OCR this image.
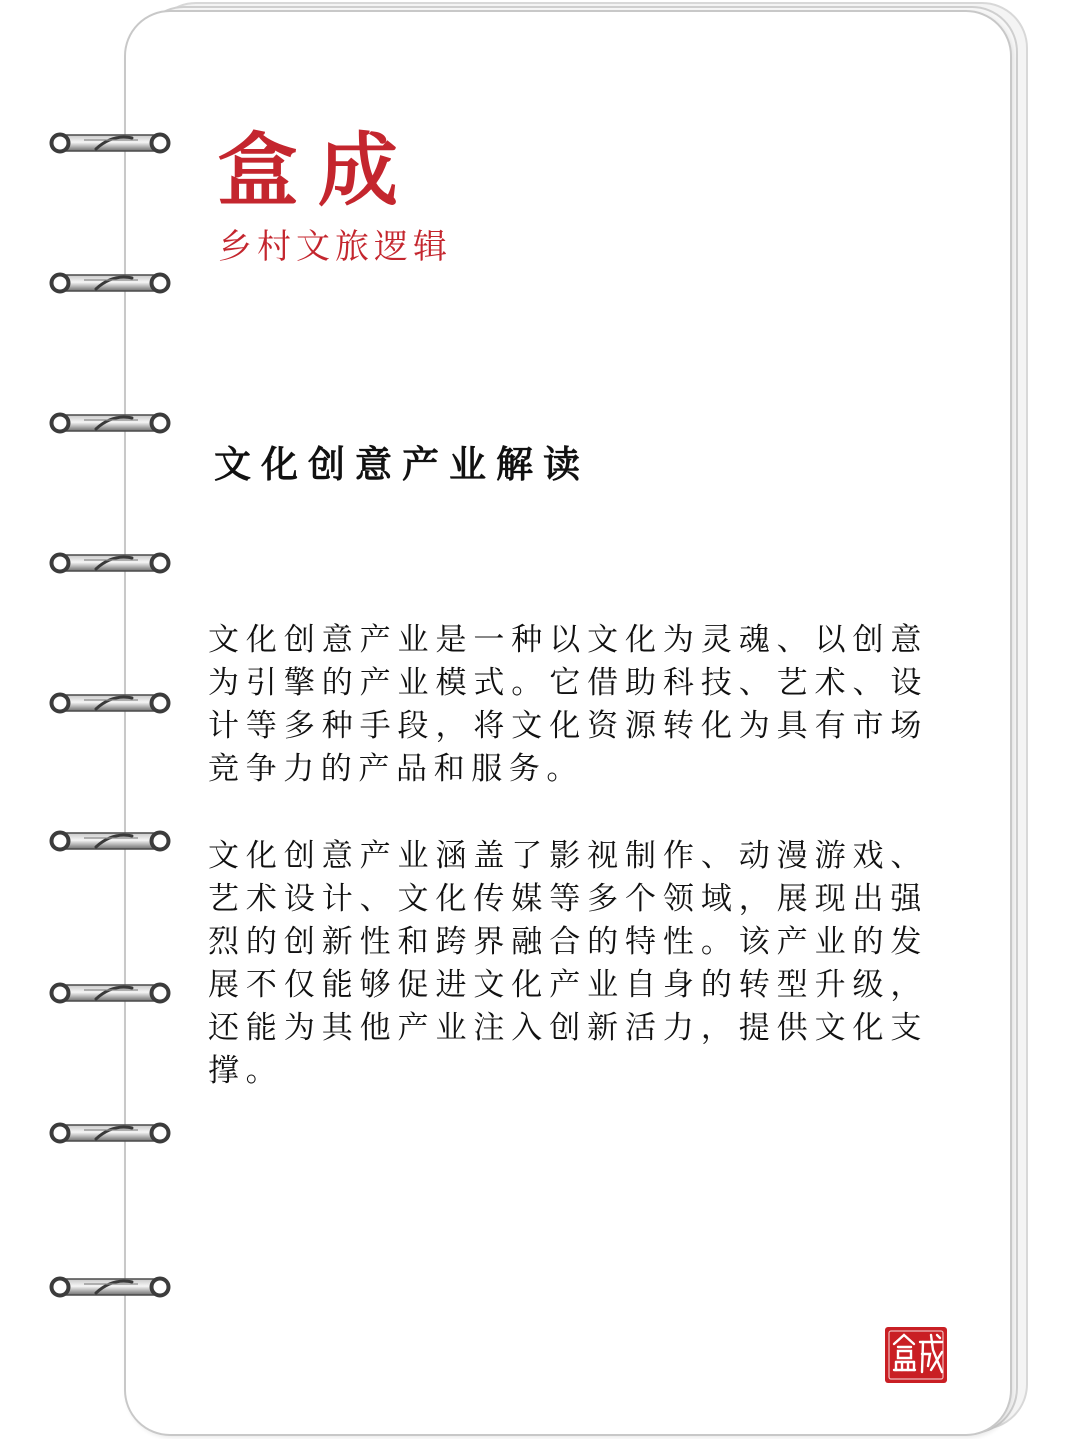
盒成
乡村文旅逻辑
文化创意产业解读

文化创意产业是一种以文化为灵魂、以创意为引擎的产业模式。它借助科技、艺术、设计等多种手段，将文化资源转化为具有市场竞争力的产品和服务。

文化创意产业涵盖了影视制作、动漫游戏、艺术设计、文化传媒等多个领域，展现出强烈的创新性和跨界融合的特性。该产业的发展不仅能够促进文化产业自身的转型升级，还能为其他产业注入创新活力，提供文化支撑。
